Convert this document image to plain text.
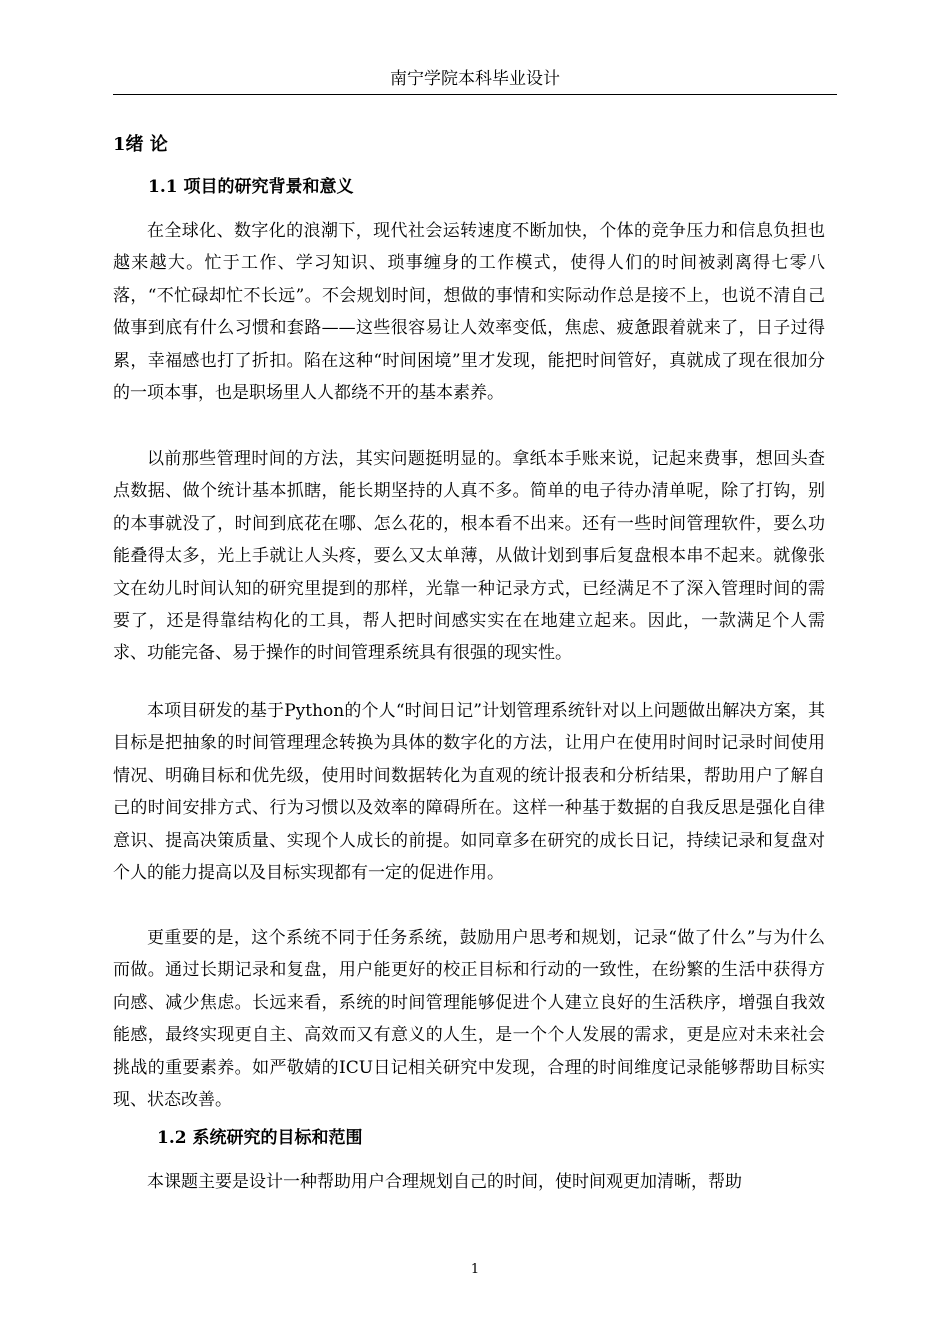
南宁学院本科毕业设计
1绪 论
1.1 项目的研究背景和意义

在全球化、数字化的浪潮下，现代社会运转速度不断加快，个体的竞争压力和信息负担也越来越大。忙于工作、学习知识、琐事缠身的工作模式，使得人们的时间被剥离得七零八落，“不忙碌却忙不长远”。不会规划时间，想做的事情和实际动作总是接不上，也说不清自己做事到底有什么习惯和套路——这些很容易让人效率变低，焦虑、疲惫跟着就来了，日子过得累，幸福感也打了折扣。陷在这种“时间困境”里才发现，能把时间管好，真就成了现在很加分的一项本事，也是职场里人人都绕不开的基本素养。

以前那些管理时间的方法，其实问题挺明显的。拿纸本手账来说，记起来费事，想回头查点数据、做个统计基本抓瞎，能长期坚持的人真不多。简单的电子待办清单呢，除了打钩，别的本事就没了，时间到底花在哪、怎么花的，根本看不出来。还有一些时间管理软件，要么功能叠得太多，光上手就让人头疼，要么又太单薄，从做计划到事后复盘根本串不起来。就像张文在幼儿时间认知的研究里提到的那样，光靠一种记录方式，已经满足不了深入管理时间的需要了，还是得靠结构化的工具，帮人把时间感实实在在地建立起来。因此，一款满足个人需求、功能完备、易于操作的时间管理系统具有很强的现实性。

本项目研发的基于Python的个人“时间日记”计划管理系统针对以上问题做出解决方案，其目标是把抽象的时间管理理念转换为具体的数字化的方法，让用户在使用时间时记录时间使用情况、明确目标和优先级，使用时间数据转化为直观的统计报表和分析结果，帮助用户了解自己的时间安排方式、行为习惯以及效率的障碍所在。这样一种基于数据的自我反思是强化自律意识、提高决策质量、实现个人成长的前提。如同章多在研究的成长日记，持续记录和复盘对个人的能力提高以及目标实现都有一定的促进作用。

更重要的是，这个系统不同于任务系统，鼓励用户思考和规划，记录“做了什么”与为什么而做。通过长期记录和复盘，用户能更好的校正目标和行动的一致性，在纷繁的生活中获得方向感、减少焦虑。长远来看，系统的时间管理能够促进个人建立良好的生活秩序，增强自我效能感，最终实现更自主、高效而又有意义的人生，是一个个人发展的需求，更是应对未来社会挑战的重要素养。如严敬婧的ICU日记相关研究中发现，合理的时间维度记录能够帮助目标实现、状态改善。

1.2 系统研究的目标和范围

本课题主要是设计一种帮助用户合理规划自己的时间，使时间观更加清晰，帮助

1
